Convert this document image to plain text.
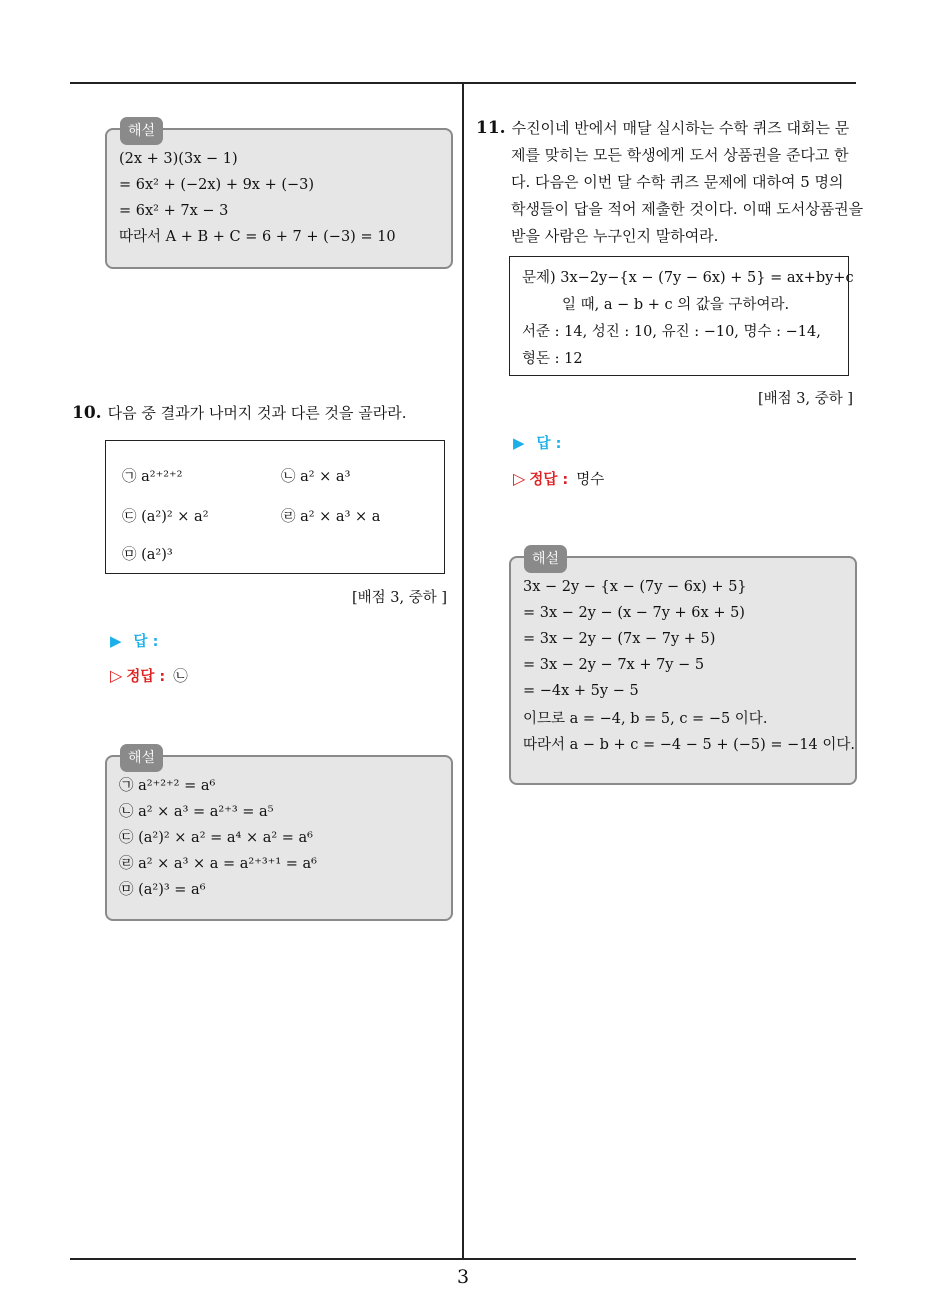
해설
(2x + 3)(3x − 1)
= 6x² + (−2x) + 9x + (−3)
= 6x² + 7x − 3
따라서 A + B + C = 6 + 7 + (−3) = 10
10. 다음 중 결과가 나머지 것과 다른 것을 골라라.
㉠ a²⁺²⁺²	㉡ a² × a³
㉢ (a²)² × a²	㉣ a² × a³ × a
㉤ (a²)³
[배점 3, 중하 ]
▶ 답 :
▷ 정답 : ㉡
해설
㉠ a²⁺²⁺² = a⁶
㉡ a² × a³ = a²⁺³ = a⁵
㉢ (a²)² × a² = a⁴ × a² = a⁶
㉣ a² × a³ × a = a²⁺³⁺¹ = a⁶
㉤ (a²)³ = a⁶
11. 수진이네 반에서 매달 실시하는 수학 퀴즈 대회는 문
제를 맞히는 모든 학생에게 도서 상품권을 준다고 한
다. 다음은 이번 달 수학 퀴즈 문제에 대하여 5 명의
학생들이 답을 적어 제출한 것이다. 이때 도서상품권을
받을 사람은 누구인지 말하여라.
문제) 3x−2y−{x − (7y − 6x) + 5} = ax+by+c
일 때, a − b + c 의 값을 구하여라.
서준 : 14, 성진 : 10, 유진 : −10, 명수 : −14,
형돈 : 12
[배점 3, 중하 ]
▶ 답 :
▷ 정답 : 명수
해설
3x − 2y − {x − (7y − 6x) + 5}
= 3x − 2y − (x − 7y + 6x + 5)
= 3x − 2y − (7x − 7y + 5)
= 3x − 2y − 7x + 7y − 5
= −4x + 5y − 5
이므로 a = −4, b = 5, c = −5 이다.
따라서 a − b + c = −4 − 5 + (−5) = −14 이다.
3
